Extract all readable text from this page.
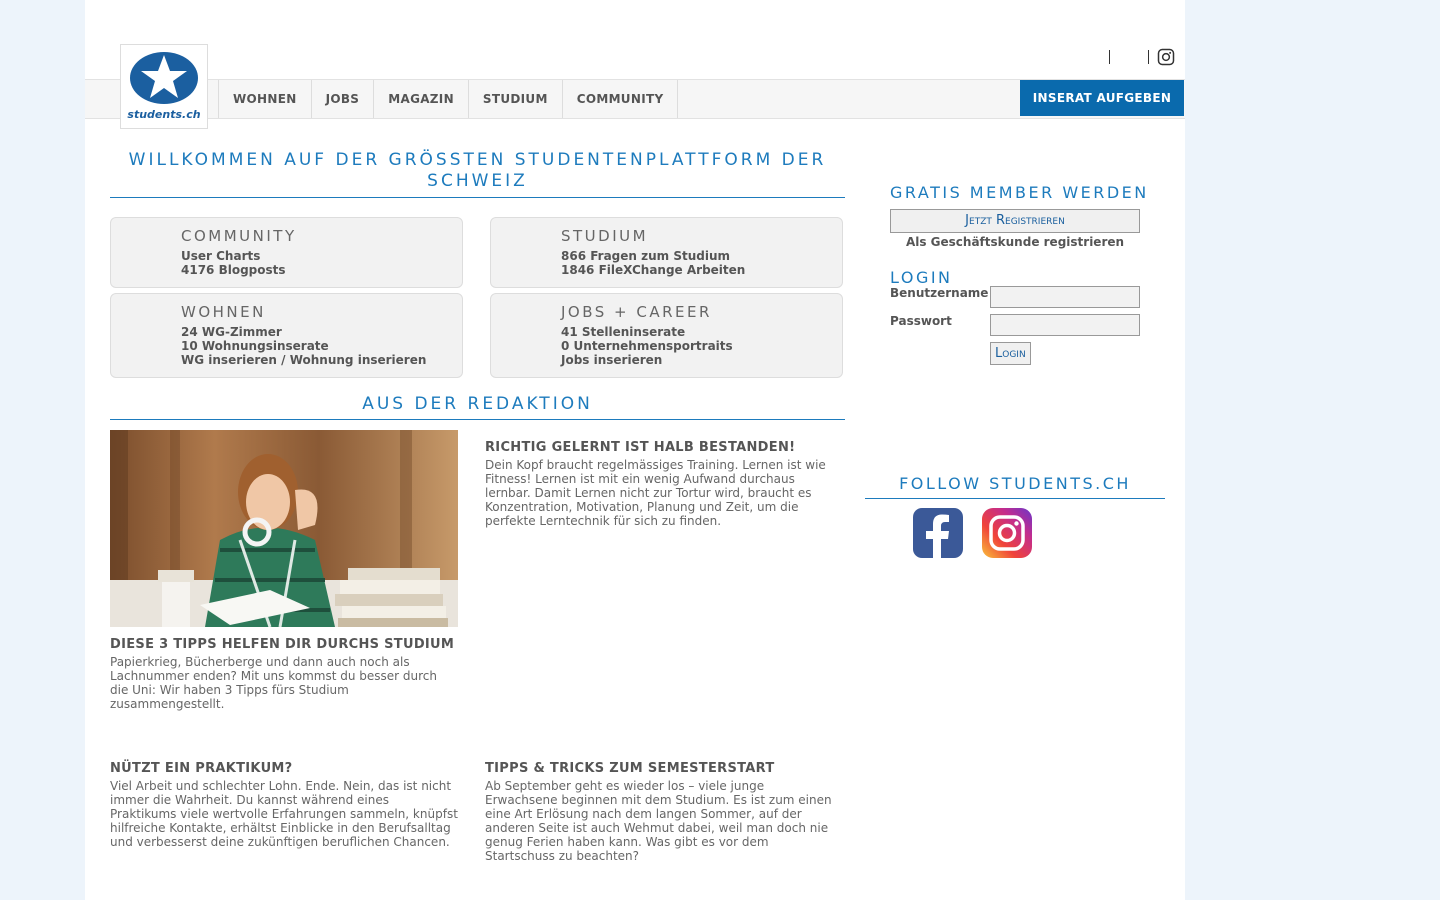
students.ch
WOHNEN	JOBS	MAGAZIN	STUDIUM	COMMUNITY	INSERAT AUFGEBEN
WILLKOMMEN AUF DER GRÖSSTEN STUDENTENPLATTFORM DER SCHWEIZ
COMMUNITY
User Charts
4176 Blogposts
STUDIUM
866 Fragen zum Studium
1846 FileXChange Arbeiten
WOHNEN
24 WG-Zimmer
10 Wohnungsinserate
WG inserieren / Wohnung inserieren
JOBS + CAREER
41 Stelleninserate
0 Unternehmensportraits
Jobs inserieren
AUS DER REDAKTION

RICHTIG GELERNT IST HALB BESTANDEN!

Dein Kopf braucht regelmässiges Training. Lernen ist wie Fitness! Lernen ist mit ein wenig Aufwand durchaus lernbar. Damit Lernen nicht zur Tortur wird, braucht es Konzentration, Motivation, Planung und Zeit, um die perfekte Lerntechnik für sich zu finden.

DIESE 3 TIPPS HELFEN DIR DURCHS STUDIUM

Papierkrieg, Bücherberge und dann auch noch als Lachnummer enden? Mit uns kommst du besser durch die Uni: Wir haben 3 Tipps fürs Studium zusammengestellt.

NÜTZT EIN PRAKTIKUM?

Viel Arbeit und schlechter Lohn. Ende. Nein, das ist nicht immer die Wahrheit. Du kannst während eines Praktikums viele wertvolle Erfahrungen sammeln, knüpfst hilfreiche Kontakte, erhältst Einblicke in den Berufsalltag und verbesserst deine zukünftigen beruflichen Chancen.

TIPPS & TRICKS ZUM SEMESTERSTART

Ab September geht es wieder los – viele junge Erwachsene beginnen mit dem Studium. Es ist zum einen eine Art Erlösung nach dem langen Sommer, auf der anderen Seite ist auch Wehmut dabei, weil man doch nie genug Ferien haben kann. Was gibt es vor dem Startschuss zu beachten?

GRATIS MEMBER WERDEN
Jetzt Registrieren
Als Geschäftskunde registrieren
LOGIN
Benutzername
Passwort
Login
FOLLOW STUDENTS.CH
